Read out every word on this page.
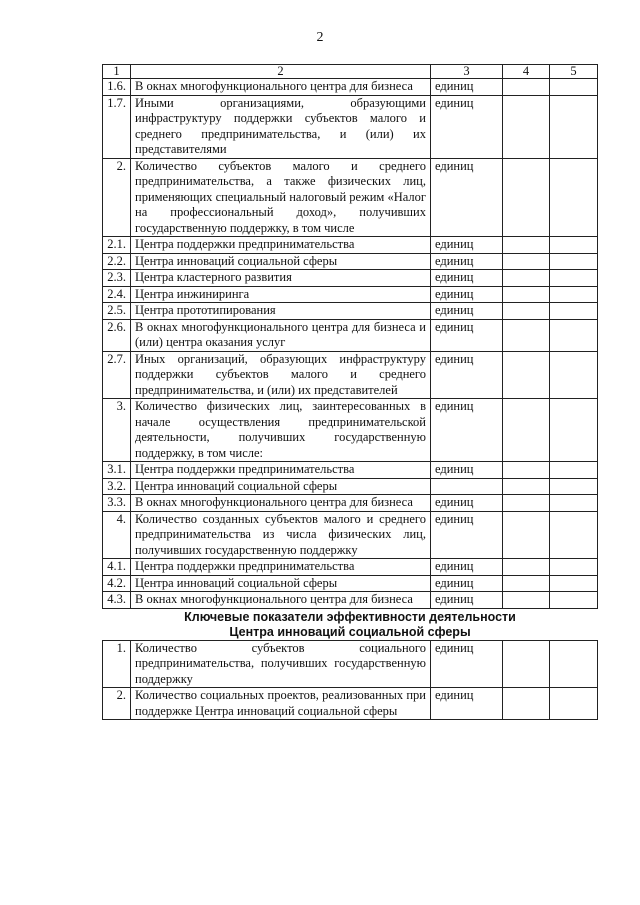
2
1	2	3	4	5
1.6.	В окнах многофункционального центра для бизнеса	единиц		
1.7.	Иными организациями, образующими инфраструктуру поддержки субъектов малого и среднего предпринимательства, и (или) их представителями	единиц		
2.	Количество субъектов малого и среднего предпринимательства, а также физических лиц, применяющих специальный налоговый режим «Налог на профессиональный доход», получивших государственную поддержку, в том числе	единиц		
2.1.	Центра поддержки предпринимательства	единиц		
2.2.	Центра инноваций социальной сферы	единиц		
2.3.	Центра кластерного развития	единиц		
2.4.	Центра инжиниринга	единиц		
2.5.	Центра прототипирования	единиц		
2.6.	В окнах многофункционального центра для бизнеса и (или) центра оказания услуг	единиц		
2.7.	Иных организаций, образующих инфраструктуру поддержки субъектов малого и среднего предпринимательства, и (или) их представителей	единиц		
3.	Количество физических лиц, заинтересованных в начале осуществления предпринимательской деятельности, получивших государственную поддержку, в том числе:	единиц		
3.1.	Центра поддержки предпринимательства	единиц		
3.2.	Центра инноваций социальной сферы			
3.3.	В окнах многофункционального центра для бизнеса	единиц		
4.	Количество созданных субъектов малого и среднего предпринимательства из числа физических лиц, получивших государственную поддержку	единиц		
4.1.	Центра поддержки предпринимательства	единиц		
4.2.	Центра инноваций социальной сферы	единиц		
4.3.	В окнах многофункционального центра для бизнеса	единиц		

Ключевые показатели эффективности деятельности
Центра инноваций социальной сферы				

1.	Количество субъектов социального предпринимательства, получивших государственную поддержку	единиц		
2.	Количество социальных проектов, реализованных при поддержке Центра инноваций социальной сферы	единиц		
